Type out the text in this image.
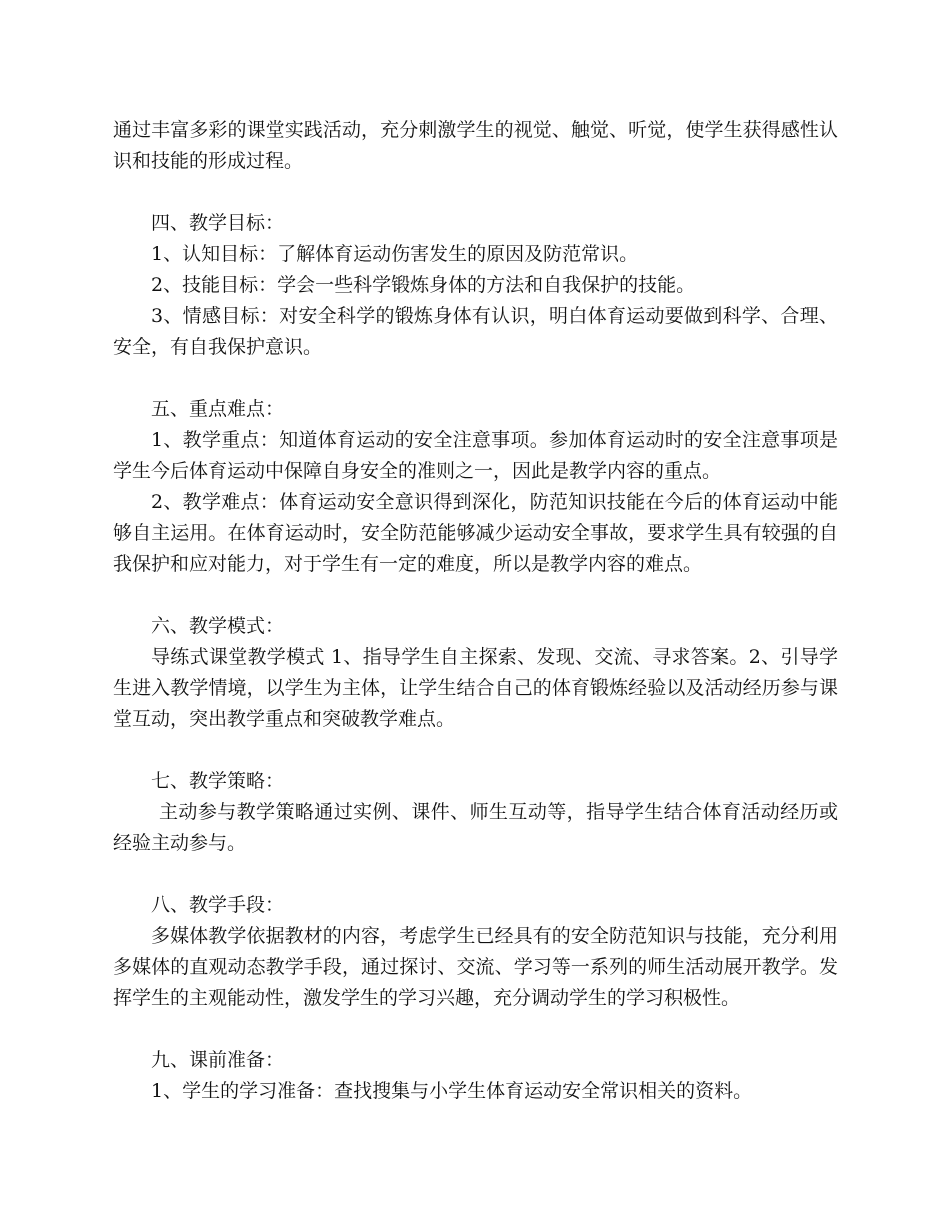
通过丰富多彩的课堂实践活动，充分刺激学生的视觉、触觉、听觉，使学生获得感性认识和技能的形成过程。

四、教学目标：

1、认知目标：了解体育运动伤害发生的原因及防范常识。

2、技能目标：学会一些科学锻炼身体的方法和自我保护的技能。

3、情感目标：对安全科学的锻炼身体有认识，明白体育运动要做到科学、合理、安全，有自我保护意识。

五、重点难点：

1、教学重点：知道体育运动的安全注意事项。参加体育运动时的安全注意事项是学生今后体育运动中保障自身安全的准则之一，因此是教学内容的重点。

2、教学难点：体育运动安全意识得到深化，防范知识技能在今后的体育运动中能够自主运用。在体育运动时，安全防范能够减少运动安全事故，要求学生具有较强的自我保护和应对能力，对于学生有一定的难度，所以是教学内容的难点。

六、教学模式：

导练式课堂教学模式 1、指导学生自主探索、发现、交流、寻求答案。2、引导学生进入教学情境，以学生为主体，让学生结合自己的体育锻炼经验以及活动经历参与课堂互动，突出教学重点和突破教学难点。

七、教学策略：

主动参与教学策略通过实例、课件、师生互动等，指导学生结合体育活动经历或经验主动参与。

八、教学手段：

多媒体教学依据教材的内容，考虑学生已经具有的安全防范知识与技能，充分利用多媒体的直观动态教学手段，通过探讨、交流、学习等一系列的师生活动展开教学。发挥学生的主观能动性，激发学生的学习兴趣，充分调动学生的学习积极性。

九、课前准备：

1、学生的学习准备：查找搜集与小学生体育运动安全常识相关的资料。
